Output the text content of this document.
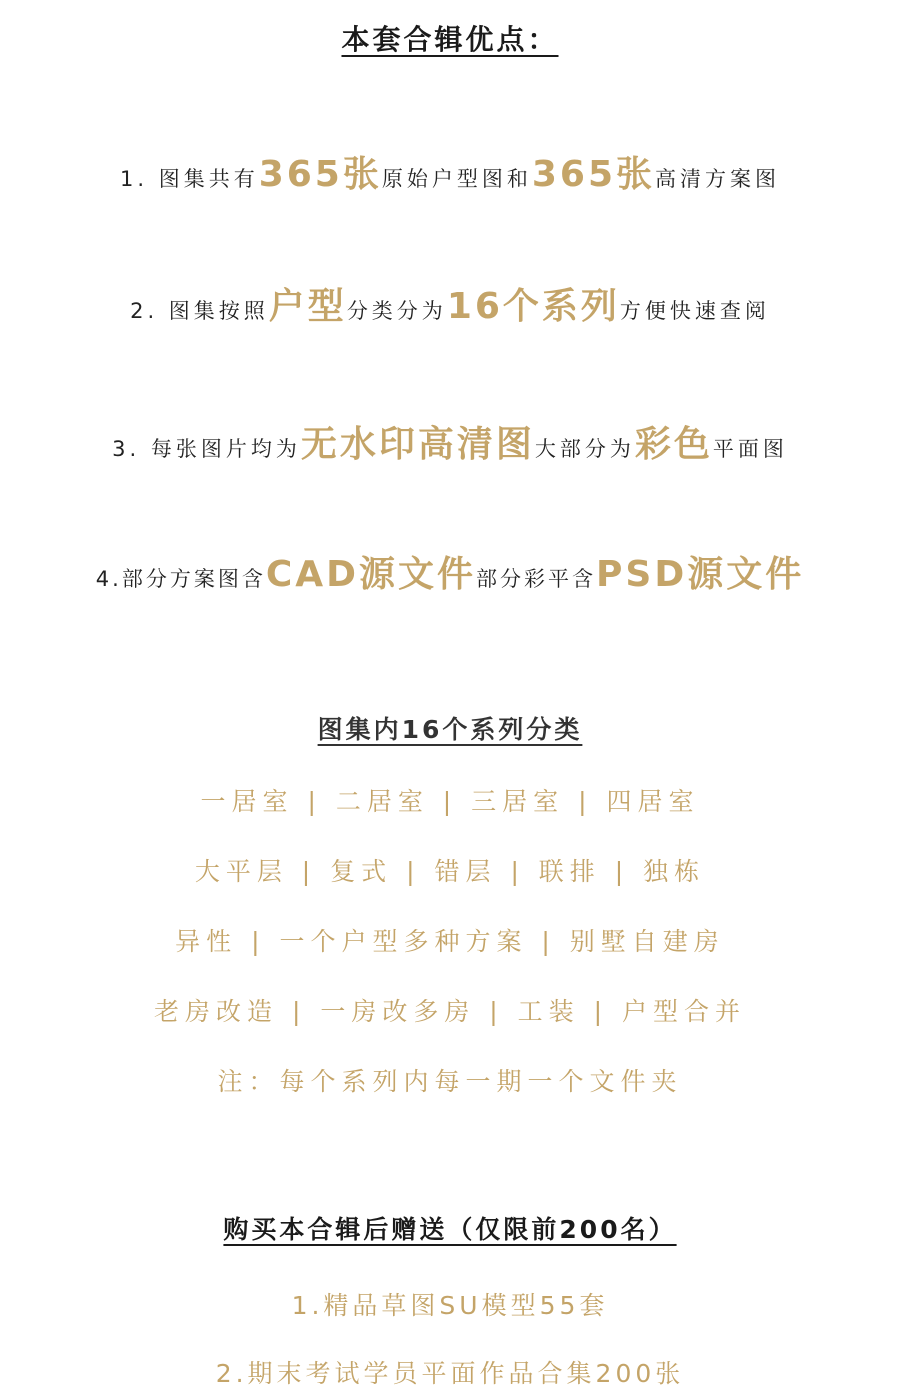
本套合辑优点：
1. 图集共有365张原始户型图和365张高清方案图
2. 图集按照户型分类分为16个系列方便快速查阅
3. 每张图片均为无水印高清图大部分为彩色平面图
4.部分方案图含CAD源文件部分彩平含PSD源文件
图集内16个系列分类
一居室 | 二居室 | 三居室 | 四居室
大平层 | 复式 | 错层 | 联排 | 独栋
异性 | 一个户型多种方案 | 别墅自建房
老房改造 | 一房改多房 | 工装 | 户型合并
注：每个系列内每一期一个文件夹
购买本合辑后赠送（仅限前200名）
1.精品草图SU模型55套
2.期末考试学员平面作品合集200张
